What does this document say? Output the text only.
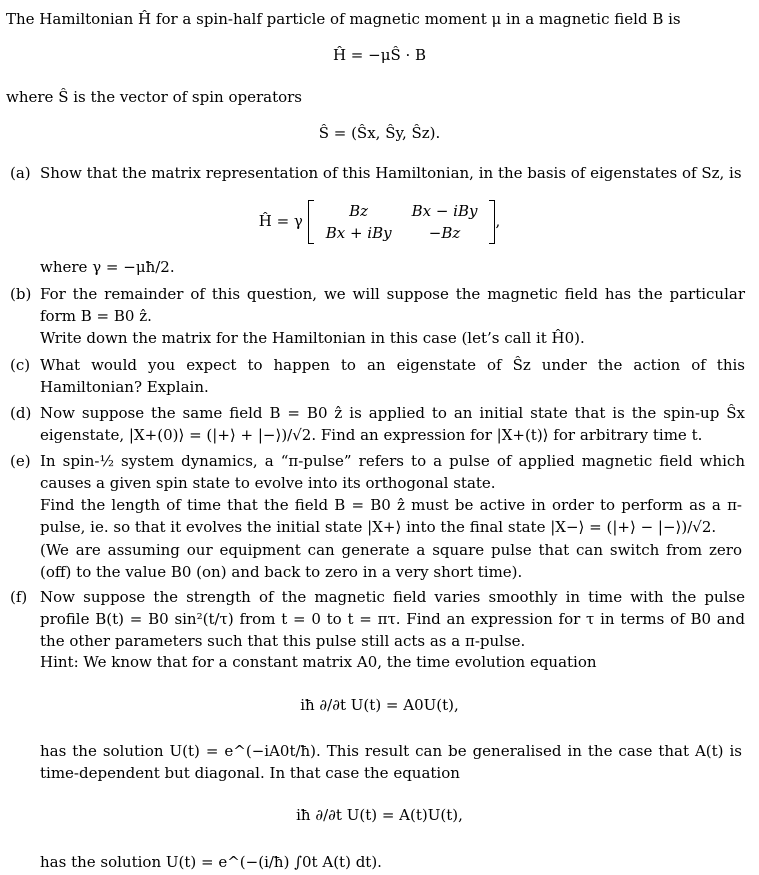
The Hamiltonian Ĥ for a spin-half particle of magnetic moment μ in a magnetic field B is
Ĥ = −μŜ · B
where Ŝ is the vector of spin operators
Ŝ = (Ŝx, Ŝy, Ŝz).
(a) Show that the matrix representation of this Hamiltonian, in the basis of eigenstates of Sz, is
Ĥ = γ
Bz	Bx − iBy
Bx + iBy	−Bz
,
where γ = −μħ/2.
(b) For the remainder of this question, we will suppose the magnetic field has the particular form B = B0 ẑ.
Write down the matrix for the Hamiltonian in this case (let’s call it Ĥ0).
(c) What would you expect to happen to an eigenstate of Ŝz under the action of this Hamiltonian? Explain.
(d) Now suppose the same field B = B0 ẑ is applied to an initial state that is the spin-up Ŝx eigenstate, |X+(0)⟩ = (|+⟩ + |−⟩)/√2. Find an expression for |X+(t)⟩ for arbitrary time t.
(e) In spin-½ system dynamics, a “π-pulse” refers to a pulse of applied magnetic field which causes a given spin state to evolve into its orthogonal state.
Find the length of time that the field B = B0 ẑ must be active in order to perform as a π-pulse, ie. so that it evolves the initial state |X+⟩ into the final state |X−⟩ = (|+⟩ − |−⟩)/√2.
(We are assuming our equipment can generate a square pulse that can switch from zero (off) to the value B0 (on) and back to zero in a very short time).
(f) Now suppose the strength of the magnetic field varies smoothly in time with the pulse profile B(t) = B0 sin²(t/τ) from t = 0 to t = πτ. Find an expression for τ in terms of B0 and the other parameters such that this pulse still acts as a π-pulse.
Hint: We know that for a constant matrix A0, the time evolution equation
iħ ∂/∂t U(t) = A0U(t),
has the solution U(t) = e^(−iA0t/ħ). This result can be generalised in the case that A(t) is time-dependent but diagonal. In that case the equation
iħ ∂/∂t U(t) = A(t)U(t),
has the solution U(t) = e^(−(i/ħ) ∫0t A(t) dt).
